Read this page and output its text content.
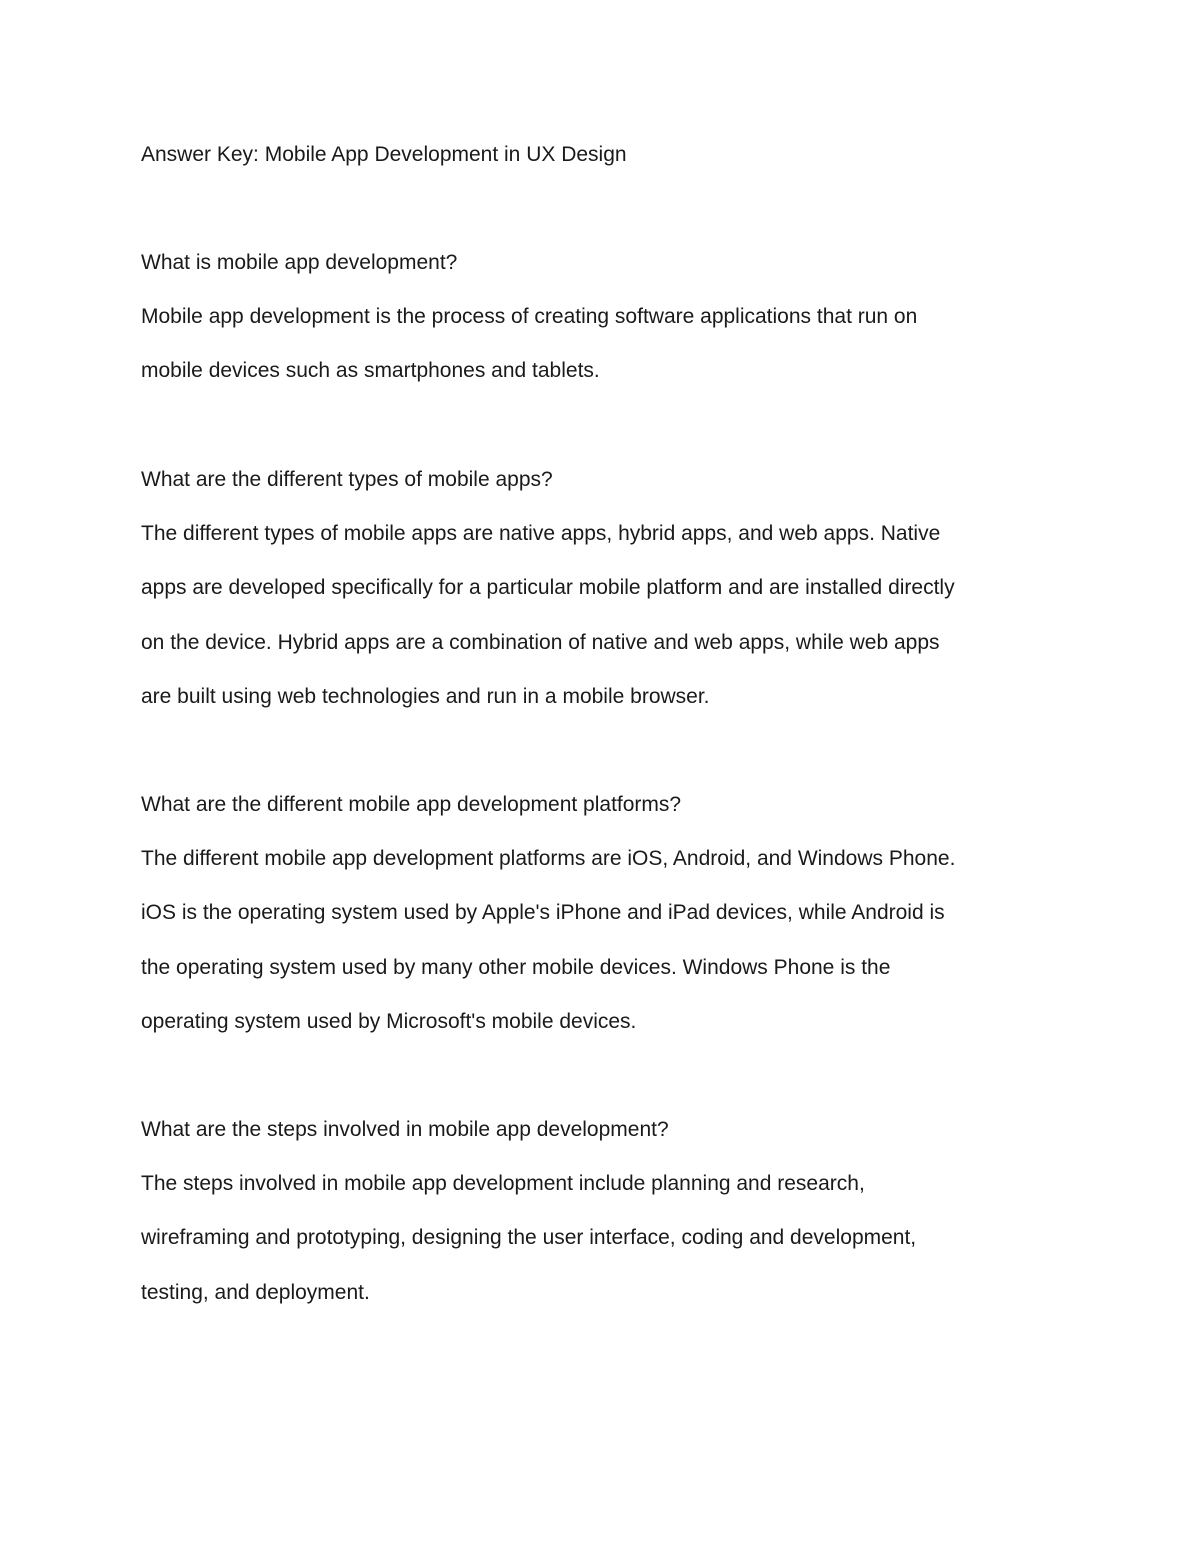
Answer Key: Mobile App Development in UX Design
What is mobile app development?
Mobile app development is the process of creating software applications that run on
mobile devices such as smartphones and tablets.
What are the different types of mobile apps?
The different types of mobile apps are native apps, hybrid apps, and web apps. Native
apps are developed specifically for a particular mobile platform and are installed directly
on the device. Hybrid apps are a combination of native and web apps, while web apps
are built using web technologies and run in a mobile browser.
What are the different mobile app development platforms?
The different mobile app development platforms are iOS, Android, and Windows Phone.
iOS is the operating system used by Apple's iPhone and iPad devices, while Android is
the operating system used by many other mobile devices. Windows Phone is the
operating system used by Microsoft's mobile devices.
What are the steps involved in mobile app development?
The steps involved in mobile app development include planning and research,
wireframing and prototyping, designing the user interface, coding and development,
testing, and deployment.
